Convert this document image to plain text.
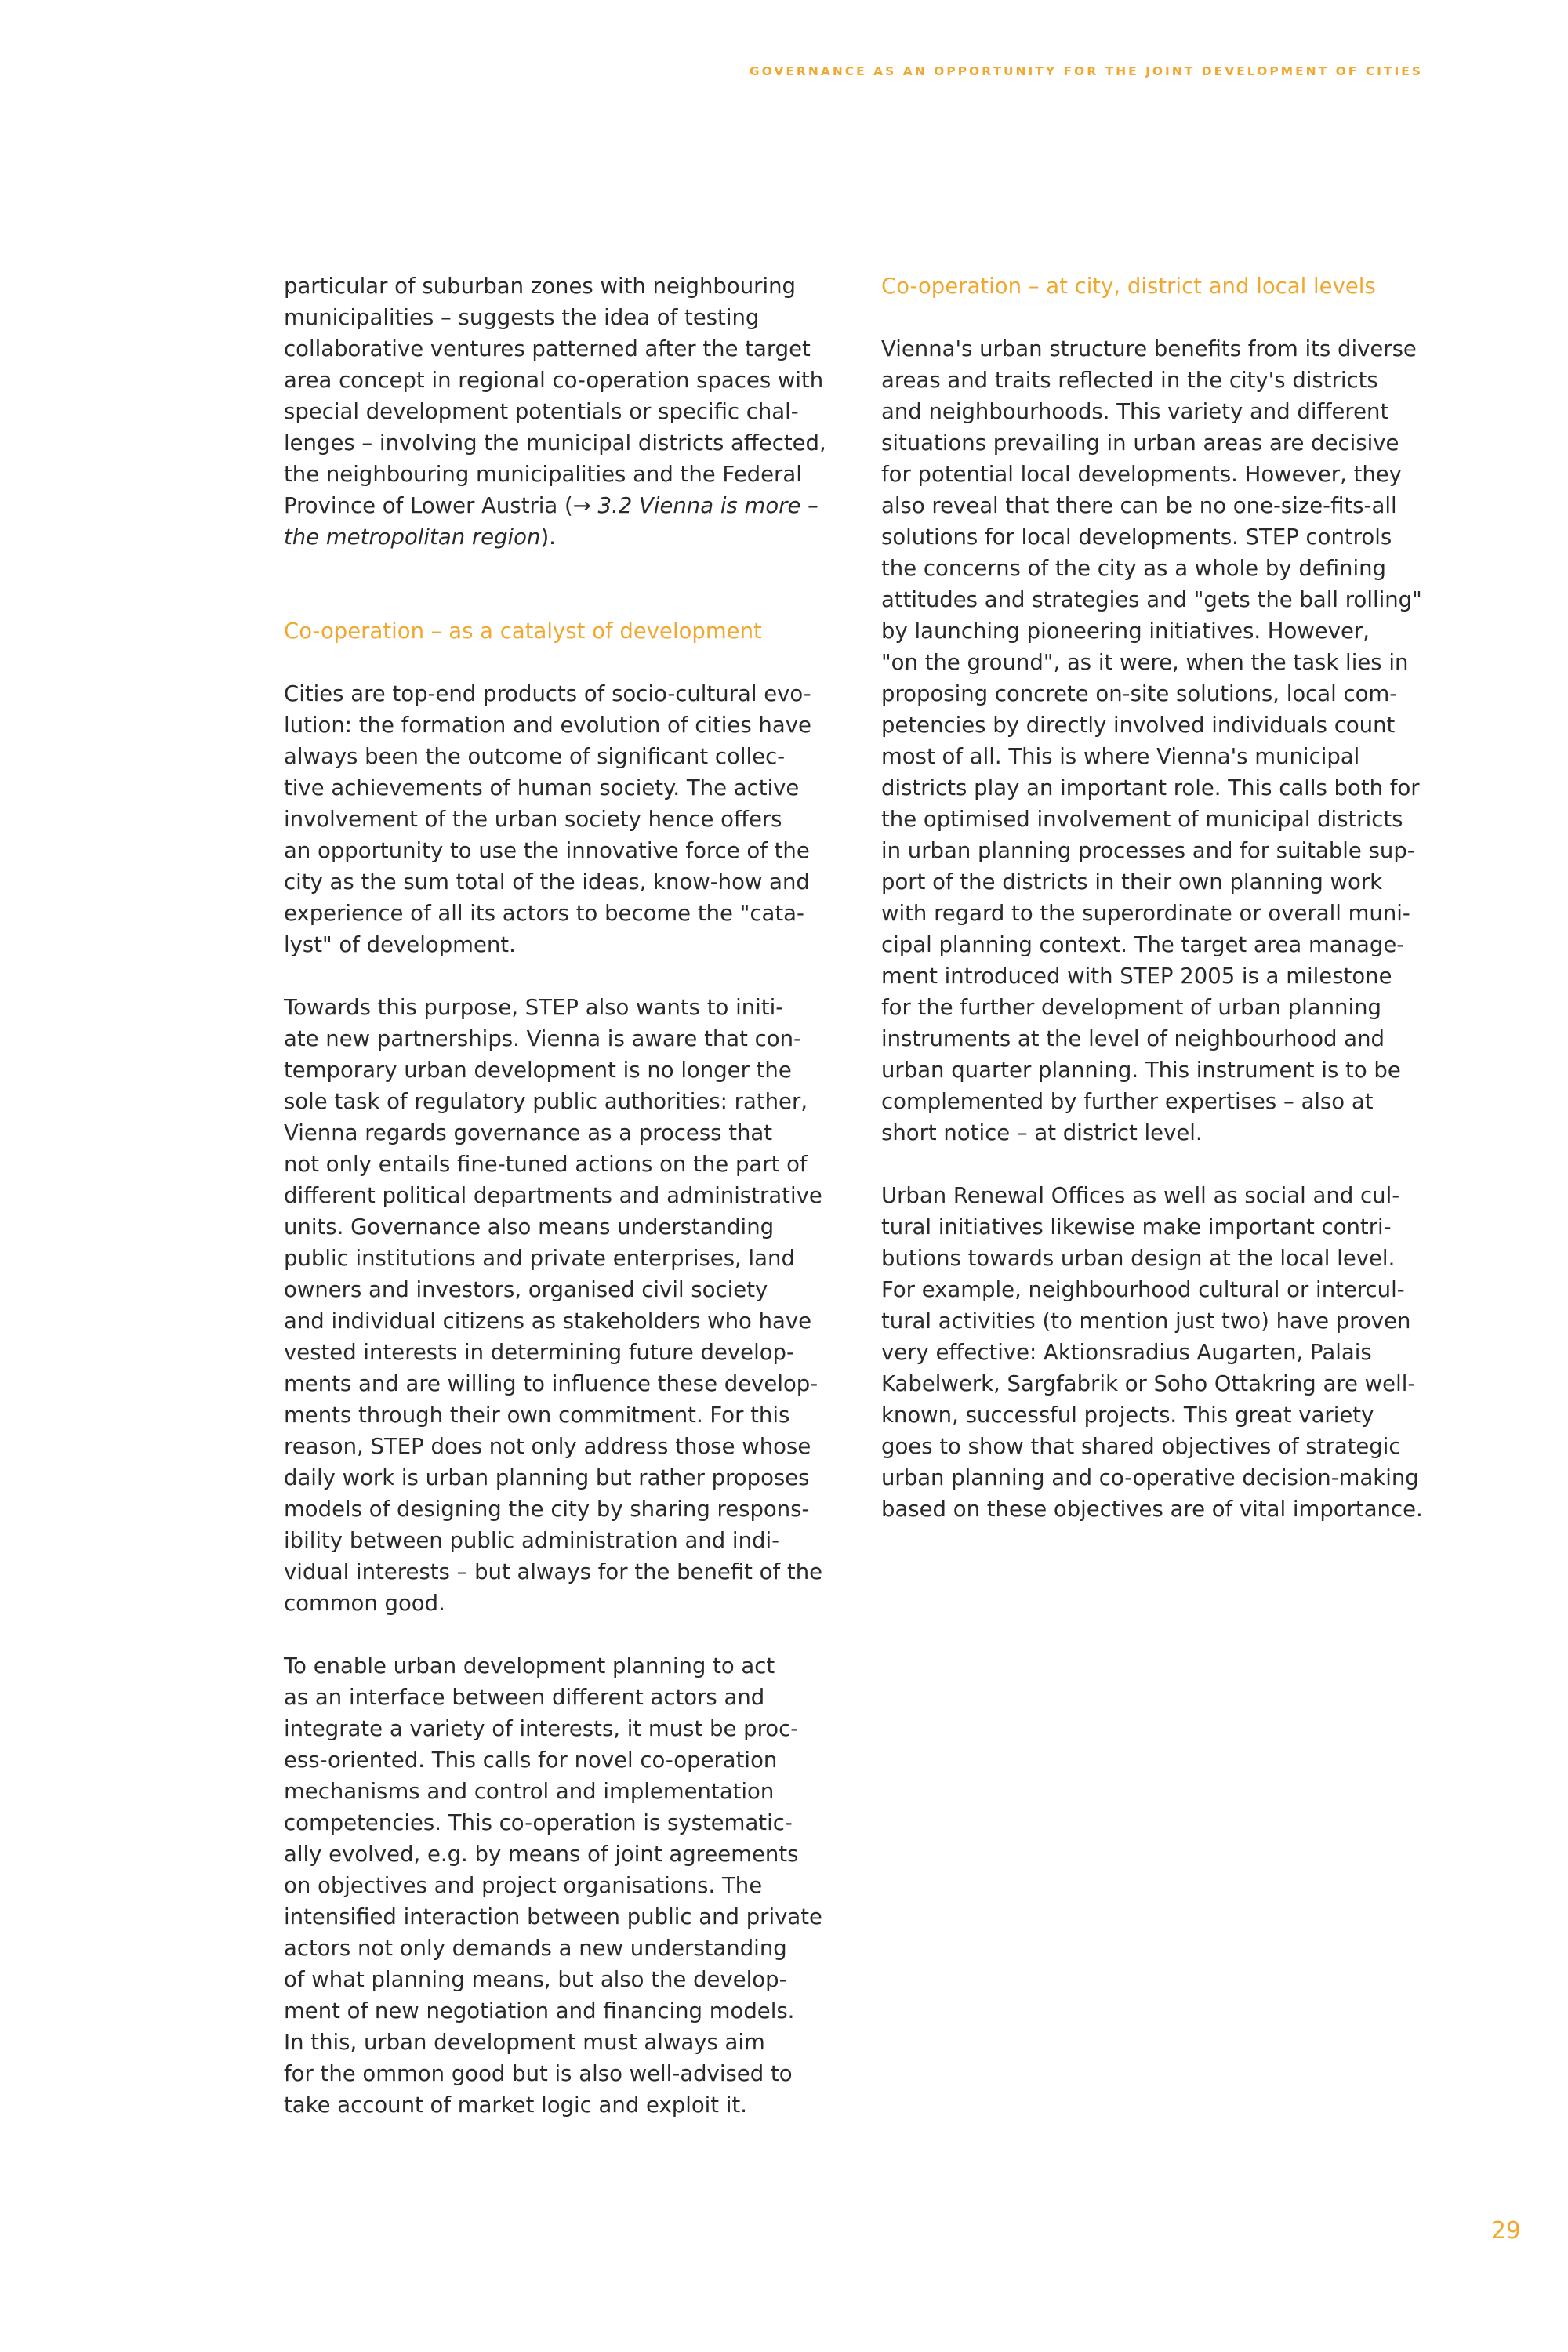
GOVERNANCE AS AN OPPORTUNITY FOR THE JOINT DEVELOPMENT OF CITIES

particular of suburban zones with neighbouring
municipalities – suggests the idea of testing
collaborative ventures patterned after the target
area concept in regional co-operation spaces with
special development potentials or specific chal-
lenges – involving the municipal districts affected,
the neighbouring municipalities and the Federal
Province of Lower Austria (→ 3.2 Vienna is more –
the metropolitan region).

Co-operation – as a catalyst of development

Cities are top-end products of socio-cultural evo-
lution: the formation and evolution of cities have
always been the outcome of significant collec-
tive achievements of human society. The active
involvement of the urban society hence offers
an opportunity to use the innovative force of the
city as the sum total of the ideas, know-how and
experience of all its actors to become the "cata-
lyst" of development.

Towards this purpose, STEP also wants to initi-
ate new partnerships. Vienna is aware that con-
temporary urban development is no longer the
sole task of regulatory public authorities: rather,
Vienna regards governance as a process that
not only entails fine-tuned actions on the part of
different political departments and administrative
units. Governance also means understanding
public institutions and private enterprises, land
owners and investors, organised civil society
and individual citizens as stakeholders who have
vested interests in determining future develop-
ments and are willing to influence these develop-
ments through their own commitment. For this
reason, STEP does not only address those whose
daily work is urban planning but rather proposes
models of designing the city by sharing respons-
ibility between public administration and indi-
vidual interests – but always for the benefit of the
common good.

To enable urban development planning to act
as an interface between different actors and
integrate a variety of interests, it must be proc-
ess-oriented. This calls for novel co-operation
mechanisms and control and implementation
competencies. This co-operation is systematic-
ally evolved, e.g. by means of joint agreements
on objectives and project organisations. The
intensified interaction between public and private
actors not only demands a new understanding
of what planning means, but also the develop-
ment of new negotiation and financing models.
In this, urban development must always aim
for the ommon good but is also well-advised to
take account of market logic and exploit it.

Co-operation – at city, district and local levels

Vienna's urban structure benefits from its diverse
areas and traits reflected in the city's districts
and neighbourhoods. This variety and different
situations prevailing in urban areas are decisive
for potential local developments. However, they
also reveal that there can be no one-size-fits-all
solutions for local developments. STEP controls
the concerns of the city as a whole by defining
attitudes and strategies and "gets the ball rolling"
by launching pioneering initiatives. However,
"on the ground", as it were, when the task lies in
proposing concrete on-site solutions, local com-
petencies by directly involved individuals count
most of all. This is where Vienna's municipal
districts play an important role. This calls both for
the optimised involvement of municipal districts
in urban planning processes and for suitable sup-
port of the districts in their own planning work
with regard to the superordinate or overall muni-
cipal planning context. The target area manage-
ment introduced with STEP 2005 is a milestone
for the further development of urban planning
instruments at the level of neighbourhood and
urban quarter planning. This instrument is to be
complemented by further expertises – also at
short notice – at district level.

Urban Renewal Offices as well as social and cul-
tural initiatives likewise make important contri-
butions towards urban design at the local level.
For example, neighbourhood cultural or intercul-
tural activities (to mention just two) have proven
very effective: Aktionsradius Augarten, Palais
Kabelwerk, Sargfabrik or Soho Ottakring are well-
known, successful projects. This great variety
goes to show that shared objectives of strategic
urban planning and co-operative decision-making
based on these objectives are of vital importance.

29
